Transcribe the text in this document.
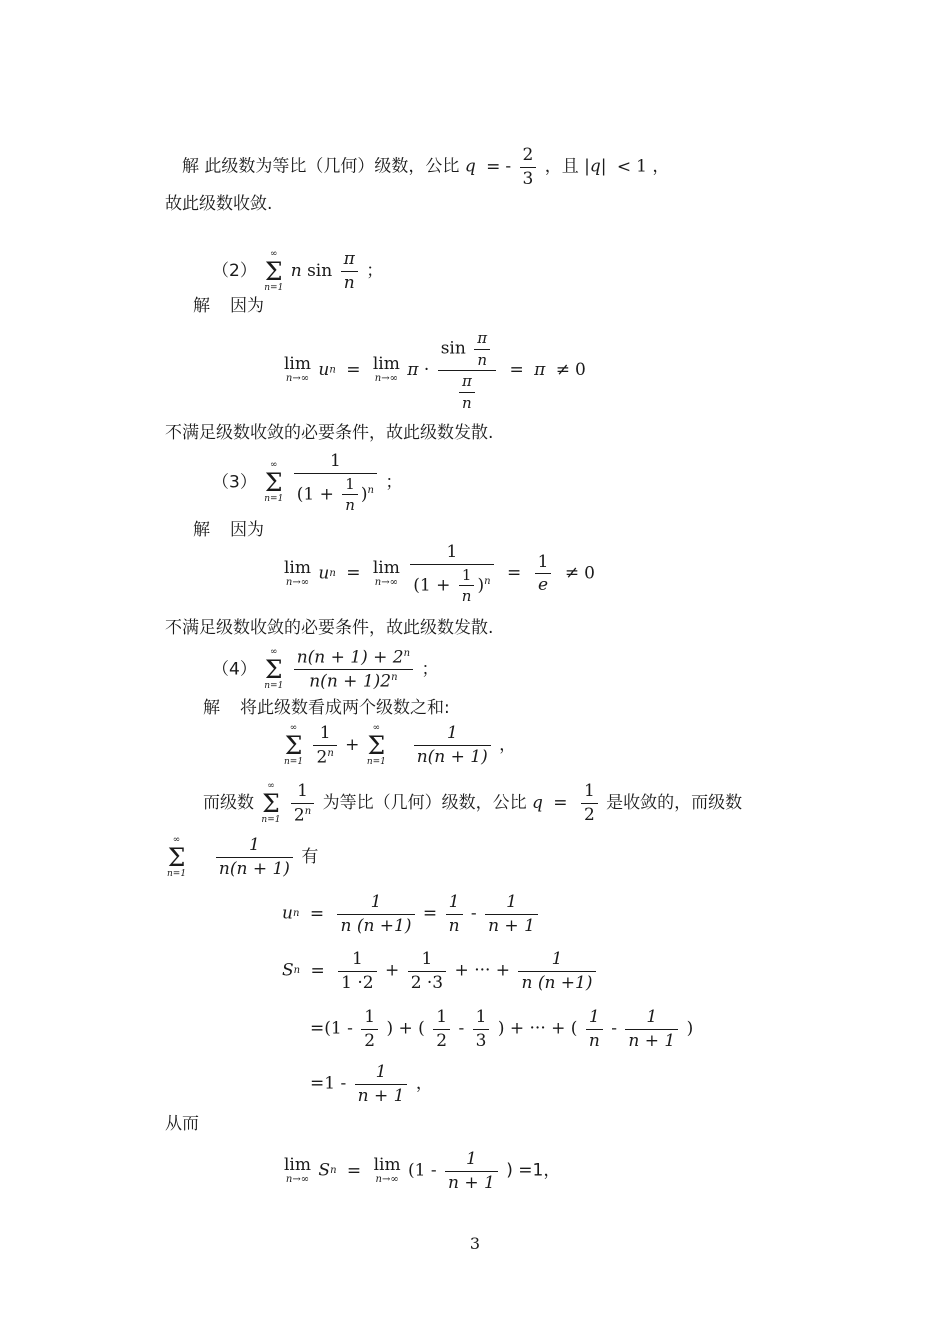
解 此级数为等比（几何）级数，公比 q = - $\frac{2}{3}$ ，且 |q| < 1 ，
故此级数收敛.
（2）
∞
Σ
n=1
n $\sin \frac{\pi}{n}$ ；
解 因为
lim
n→∞ un = lim
n→∞ $\pi \cdot \frac{\sin \frac{\pi}{n}}{\frac{\pi}{n}} = \pi \ne 0$
不满足级数收敛的必要条件，故此级数发散.
（3）
∞
Σ
n=1
$\frac{1}{(1 + \frac{1}{n} )^n}$ ；
解 因为
lim
n→∞ un = lim
n→∞
$\frac{1}{(1 + \frac{1}{n} )^n} = \frac{1}{e} \ne 0$
不满足级数收敛的必要条件，故此级数发散.
（4）
∞
Σ
n=1
$\frac{n(n + 1) + 2^n}{n(n + 1)2^n}$ ；
解 将此级数看成两个级数之和:
∞
Σ
n=1
$\frac{1}{2^n}$ +
∞
Σ
n=1
$\frac{1}{n(n + 1)}$ ，
而级数
∞
Σ
n=1
$\frac{1}{2^n}$ 为等比（几何）级数，公比 $q = \frac{1}{2}$ 是收敛的，而级数
∞
Σ
n=1
$\frac{1}{n(n + 1)}$ 有
un = $\frac{1}{n (n +1)} = \frac{1}{n} - \frac{1}{n + 1}$
$Sn = \frac{1}{1 \cdot 2} + \frac{1}{2 \cdot 3}$ + ··· + $\frac{1}{n (n +1)}$
$=(1 - \frac{1}{2}$ ) + ( $\frac{1}{2} - \frac{1}{3}$ ) + ··· + ( $\frac{1}{n} - \frac{1}{n + 1}$ )
$=1 - \frac{1}{n + 1}$ ，
从而
lim
n→∞ Sn = lim
n→∞ ($1 - \frac{1}{n + 1}$ ) =1，
3
